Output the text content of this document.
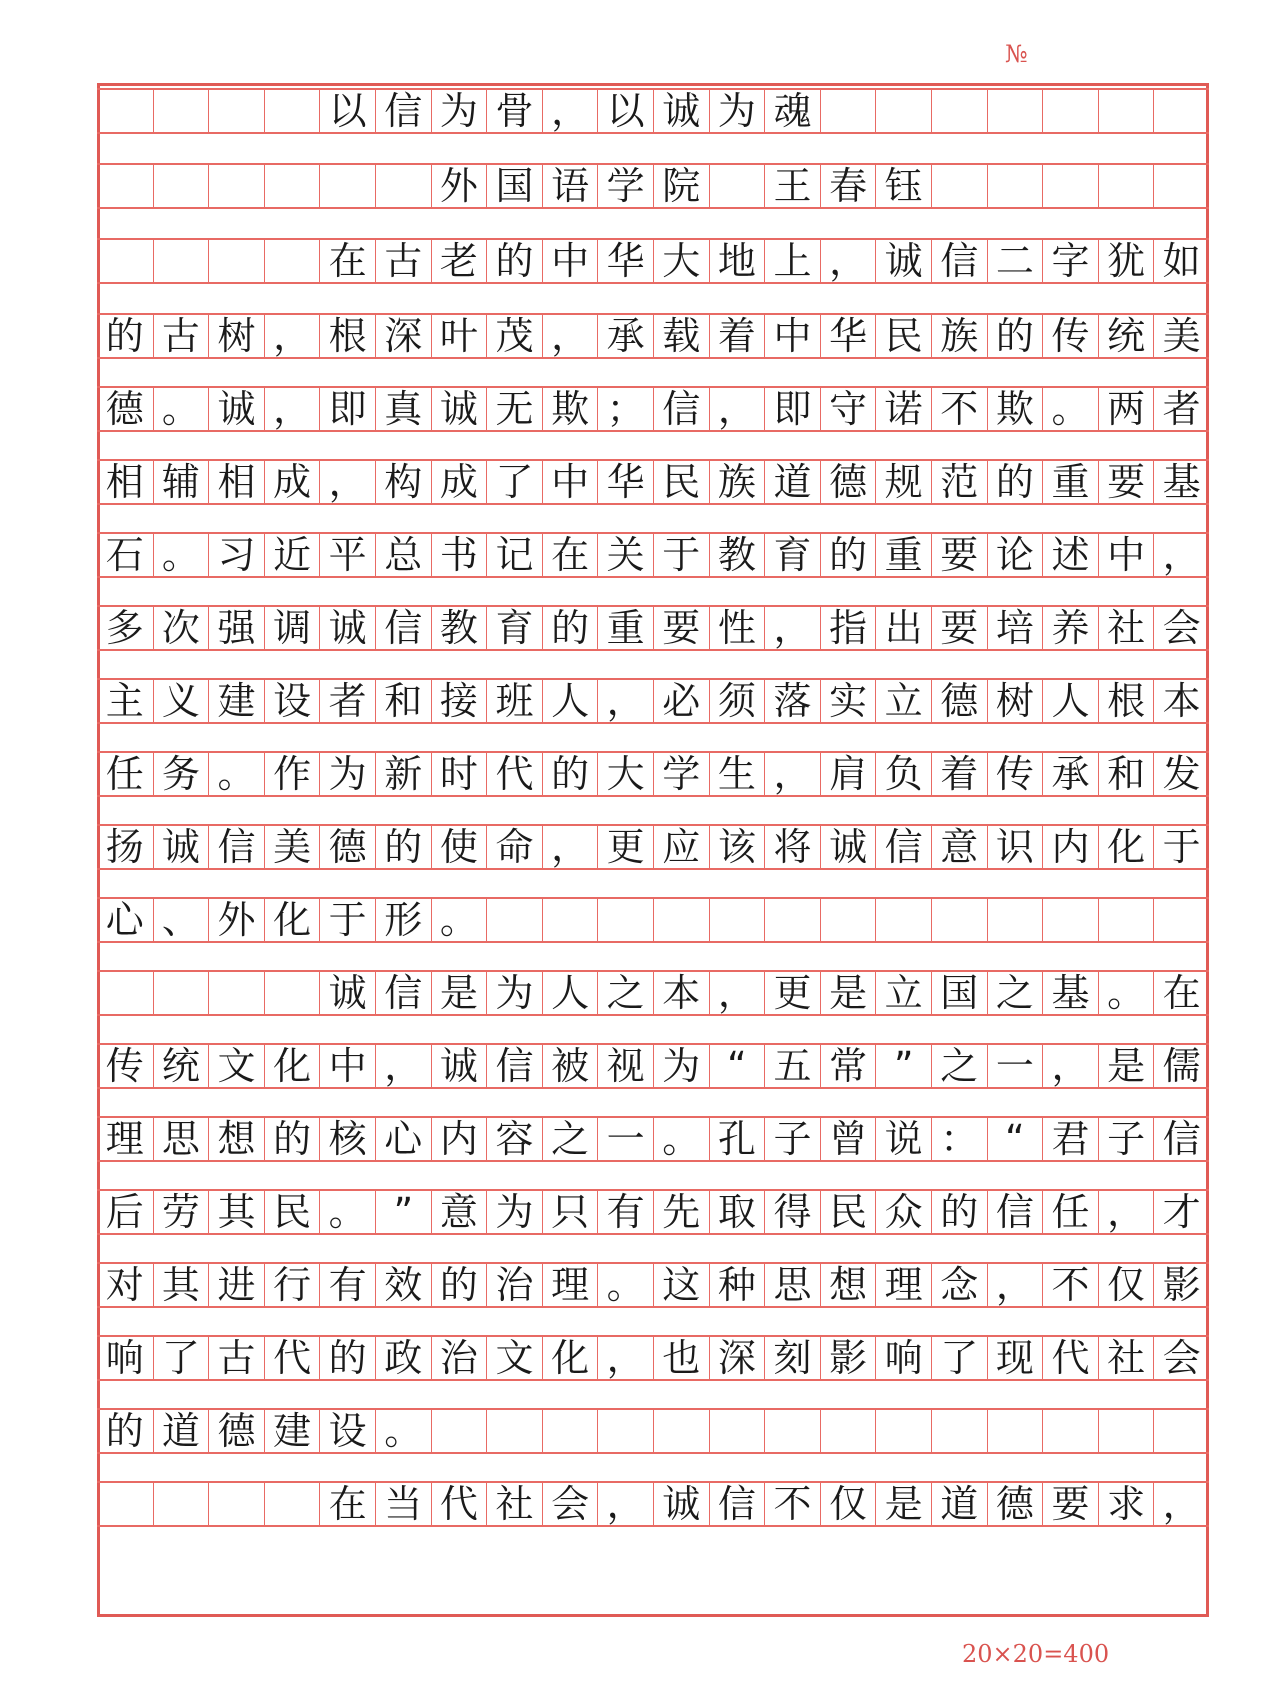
№
以 信 为 骨 ， 以 诚 为 魂
外 国 语 学 院 王 春 钰
在 古 老 的 中 华 大 地 上 ， 诚 信 二 字 犹 如
的 古 树 ， 根 深 叶 茂 ， 承 载 着 中 华 民 族 的 传 统 美
德 。 诚 ， 即 真 诚 无 欺 ； 信 ， 即 守 诺 不 欺 。 两 者
相 辅 相 成 ， 构 成 了 中 华 民 族 道 德 规 范 的 重 要 基
石 。 习 近 平 总 书 记 在 关 于 教 育 的 重 要 论 述 中 ，
多 次 强 调 诚 信 教 育 的 重 要 性 ， 指 出 要 培 养 社 会
主 义 建 设 者 和 接 班 人 ， 必 须 落 实 立 德 树 人 根 本
任 务 。 作 为 新 时 代 的 大 学 生 ， 肩 负 着 传 承 和 发
扬 诚 信 美 德 的 使 命 ， 更 应 该 将 诚 信 意 识 内 化 于
心 、 外 化 于 形 。
诚 信 是 为 人 之 本 ， 更 是 立 国 之 基 。 在
传 统 文 化 中 ， 诚 信 被 视 为 “ 五 常 ” 之 一 ， 是 儒
理 思 想 的 核 心 内 容 之 一 。 孔 子 曾 说 ： “ 君 子 信
后 劳 其 民 。 ” 意 为 只 有 先 取 得 民 众 的 信 任 ， 才
对 其 进 行 有 效 的 治 理 。 这 种 思 想 理 念 ， 不 仅 影
响 了 古 代 的 政 治 文 化 ， 也 深 刻 影 响 了 现 代 社 会
的 道 德 建 设 。
在 当 代 社 会 ， 诚 信 不 仅 是 道 德 要 求 ，
20×20=400
